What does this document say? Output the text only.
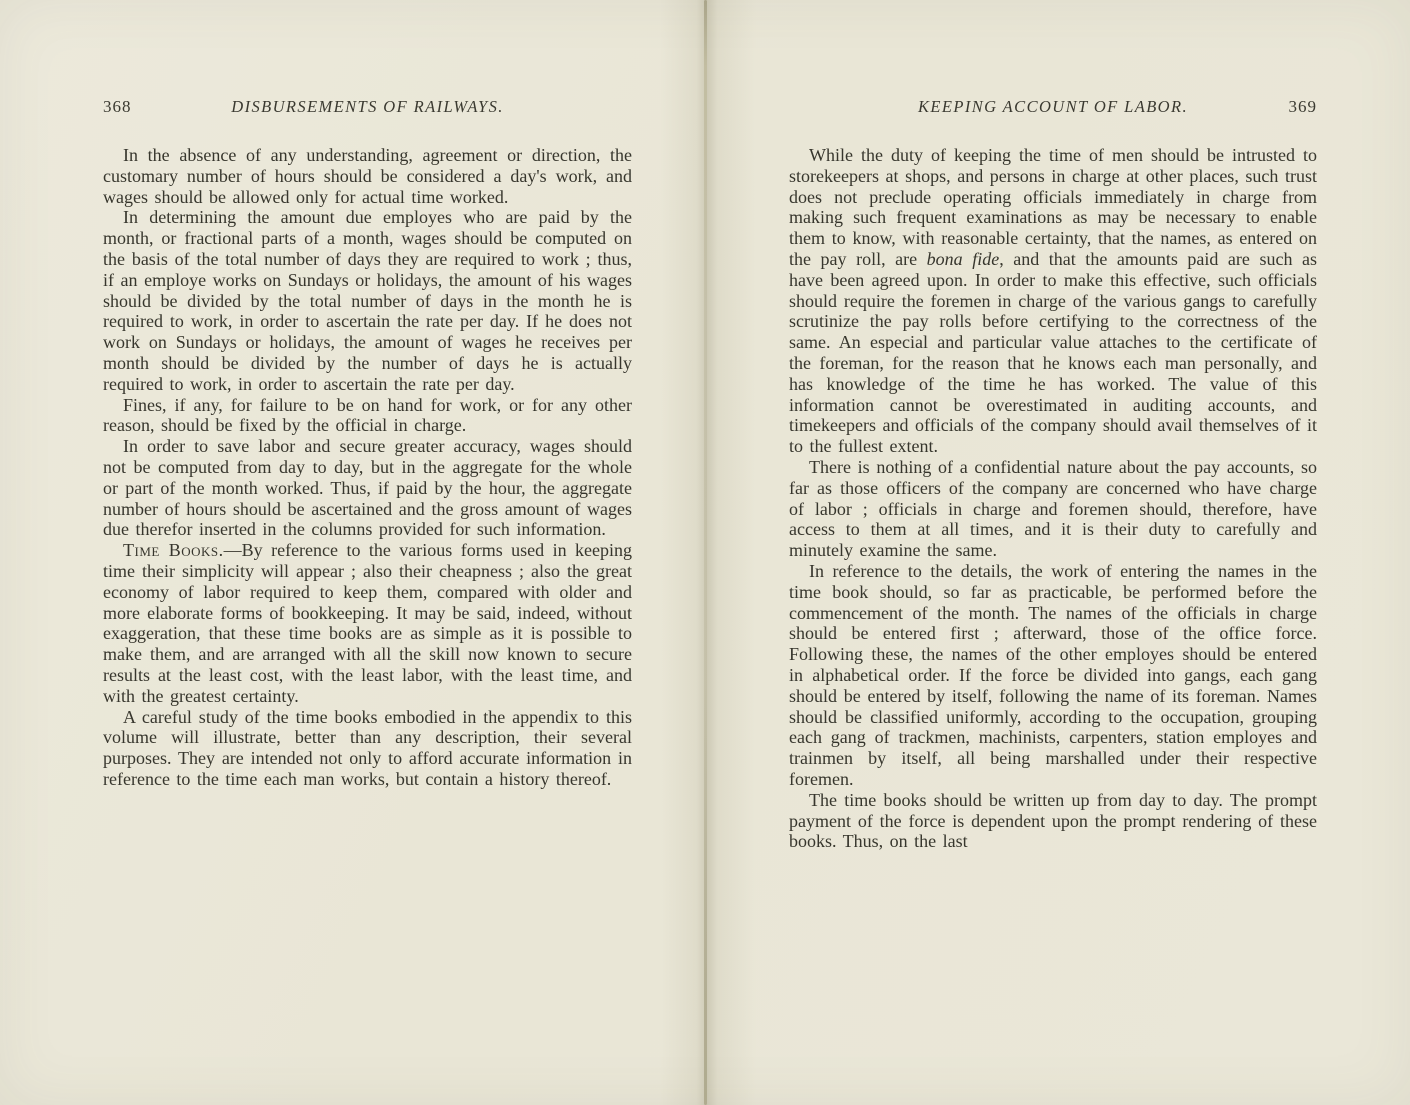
368	DISBURSEMENTS OF RAILWAYS.

In the absence of any understanding, agreement or direction, the customary number of hours should be considered a day's work, and wages should be allowed only for actual time worked.

In determining the amount due employes who are paid by the month, or fractional parts of a month, wages should be computed on the basis of the total number of days they are required to work ; thus, if an employe works on Sundays or holidays, the amount of his wages should be divided by the total number of days in the month he is required to work, in order to ascertain the rate per day. If he does not work on Sundays or holidays, the amount of wages he receives per month should be divided by the number of days he is actually required to work, in order to ascertain the rate per day.

Fines, if any, for failure to be on hand for work, or for any other reason, should be fixed by the official in charge.

In order to save labor and secure greater accuracy, wages should not be computed from day to day, but in the aggregate for the whole or part of the month worked. Thus, if paid by the hour, the aggregate number of hours should be ascertained and the gross amount of wages due therefor inserted in the columns provided for such information.

Time Books.—By reference to the various forms used in keeping time their simplicity will appear ; also their cheapness ; also the great economy of labor required to keep them, compared with older and more elaborate forms of bookkeeping. It may be said, indeed, without exaggeration, that these time books are as simple as it is possible to make them, and are arranged with all the skill now known to secure results at the least cost, with the least labor, with the least time, and with the greatest certainty.

A careful study of the time books embodied in the appendix to this volume will illustrate, better than any description, their several purposes. They are intended not only to afford accurate information in reference to the time each man works, but contain a history thereof.

KEEPING ACCOUNT OF LABOR.	369

While the duty of keeping the time of men should be intrusted to storekeepers at shops, and persons in charge at other places, such trust does not preclude operating officials immediately in charge from making such frequent examinations as may be necessary to enable them to know, with reasonable certainty, that the names, as entered on the pay roll, are bona fide, and that the amounts paid are such as have been agreed upon. In order to make this effective, such officials should require the foremen in charge of the various gangs to carefully scrutinize the pay rolls before certifying to the correctness of the same. An especial and particular value attaches to the certificate of the foreman, for the reason that he knows each man personally, and has knowledge of the time he has worked. The value of this information cannot be overestimated in auditing accounts, and timekeepers and officials of the company should avail themselves of it to the fullest extent.

There is nothing of a confidential nature about the pay accounts, so far as those officers of the company are concerned who have charge of labor ; officials in charge and foremen should, therefore, have access to them at all times, and it is their duty to carefully and minutely examine the same.

In reference to the details, the work of entering the names in the time book should, so far as practicable, be performed before the commencement of the month. The names of the officials in charge should be entered first ; afterward, those of the office force. Following these, the names of the other employes should be entered in alphabetical order. If the force be divided into gangs, each gang should be entered by itself, following the name of its foreman. Names should be classified uniformly, according to the occupation, grouping each gang of trackmen, machinists, carpenters, station employes and trainmen by itself, all being marshalled under their respective foremen.

The time books should be written up from day to day. The prompt payment of the force is dependent upon the prompt rendering of these books. Thus, on the last
